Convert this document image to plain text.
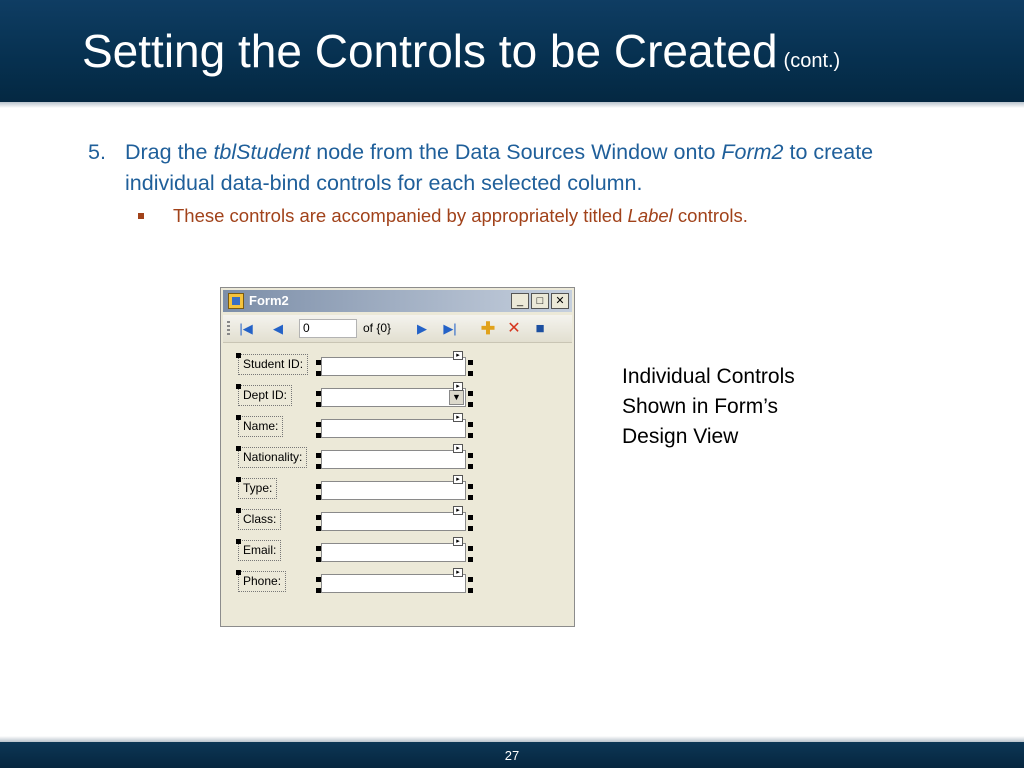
Setting the Controls to be Created (cont.)
5. Drag the tblStudent node from the Data Sources Window onto Form2 to create individual data-bind controls for each selected column.
These controls are accompanied by appropriately titled Label controls.
Form2	_	□	✕
|◀	◀	0	of {0}	▶	▶| ✚ ✕ ■
Student ID:
▸
Dept ID:	▼
▸
Name:
▸
Nationality:
▸
Type:
▸
Class:
▸
Email:
▸
Phone:
▸
Individual Controls
Shown in Form’s
Design View
27
